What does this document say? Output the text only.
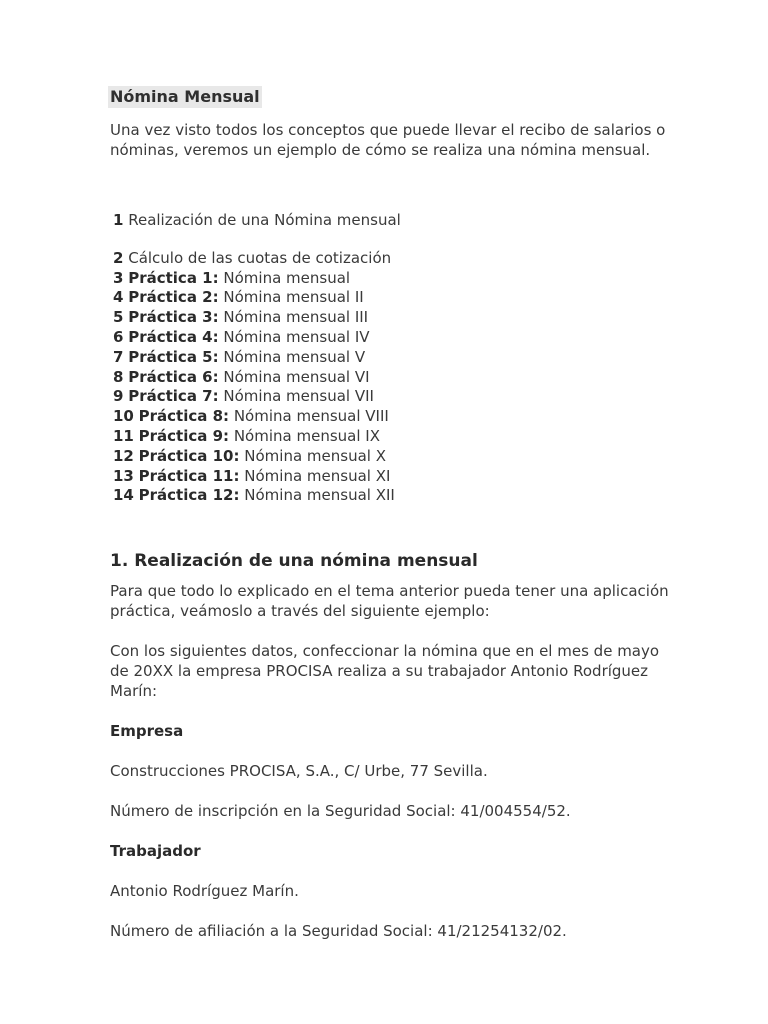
Nómina Mensual
Una vez visto todos los conceptos que puede llevar el recibo de salarios o nóminas, veremos un ejemplo de cómo se realiza una nómina mensual.
1 Realización de una Nómina mensual
2 Cálculo de las cuotas de cotización
3 Práctica 1: Nómina mensual
4 Práctica 2: Nómina mensual II
5 Práctica 3: Nómina mensual III
6 Práctica 4: Nómina mensual IV
7 Práctica 5: Nómina mensual V
8 Práctica 6: Nómina mensual VI
9 Práctica 7: Nómina mensual VII
10 Práctica 8: Nómina mensual VIII
11 Práctica 9: Nómina mensual IX
12 Práctica 10: Nómina mensual X
13 Práctica 11: Nómina mensual XI
14 Práctica 12: Nómina mensual XII
1. Realización de una nómina mensual
Para que todo lo explicado en el tema anterior pueda tener una aplicación práctica, veámoslo a través del siguiente ejemplo:
Con los siguientes datos, confeccionar la nómina que en el mes de mayo de 20XX la empresa PROCISA realiza a su trabajador Antonio Rodríguez Marín:
Empresa
Construcciones PROCISA, S.A., C/ Urbe, 77 Sevilla.
Número de inscripción en la Seguridad Social: 41/004554/52.
Trabajador
Antonio Rodríguez Marín.
Número de afiliación a la Seguridad Social: 41/21254132/02.
